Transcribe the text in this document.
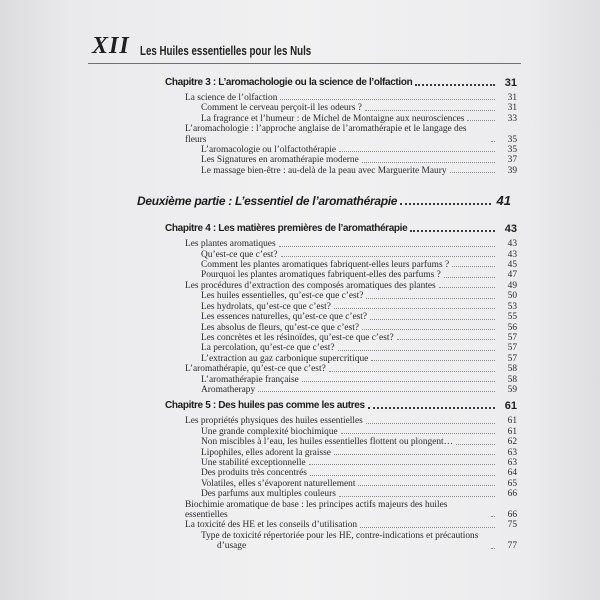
XII Les Huiles essentielles pour les Nuls
Chapitre 3 : L’aromachologie ou la science de l’olfaction	31
La science de l’olfaction	31
Comment le cerveau perçoit-il les odeurs ?	31
La fragrance et l’humeur : de Michel de Montaigne aux neurosciences	33
L’aromachologie : l’approche anglaise de l’aromathérapie et le langage des fleurs	35
L’aromacologie ou l’olfactothérapie	35
Les Signatures en aromathérapie moderne	37
Le massage bien-être : au-delà de la peau avec Marguerite Maury	39
Deuxième partie : L’essentiel de l’aromathérapie	41
Chapitre 4 : Les matières premières de l’aromathérapie	43
Les plantes aromatiques	43
Qu’est-ce que c’est?	43
Comment les plantes aromatiques fabriquent-elles leurs parfums ?	45
Pourquoi les plantes aromatiques fabriquent-elles des parfums ?	47
Les procédures d’extraction des composés aromatiques des plantes	49
Les huiles essentielles, qu’est-ce que c’est?	50
Les hydrolats, qu’est-ce que c’est?	53
Les essences naturelles, qu’est-ce que c’est?	55
Les absolus de fleurs, qu’est-ce que c’est?	56
Les concrètes et les résinoïdes, qu’est-ce que c’est?	57
La percolation, qu’est-ce que c’est?	57
L’extraction au gaz carbonique supercritique	57
L’aromathérapie, qu’est-ce que c’est?	58
L’aromathérapie française	58
Aromatherapy	59
Chapitre 5 : Des huiles pas comme les autres	61
Les propriétés physiques des huiles essentielles	61
Une grande complexité biochimique	61
Non miscibles à l’eau, les huiles essentielles flottent ou plongent…	62
Lipophiles, elles adorent la graisse	63
Une stabilité exceptionnelle	63
Des produits très concentrés	64
Volatiles, elles s’évaporent naturellement	65
Des parfums aux multiples couleurs	66
Biochimie aromatique de base : les principes actifs majeurs des huiles essentielles	66
La toxicité des HE et les conseils d’utilisation	75
Type de toxicité répertoriée pour les HE, contre-indications et précautions d’usage	77
